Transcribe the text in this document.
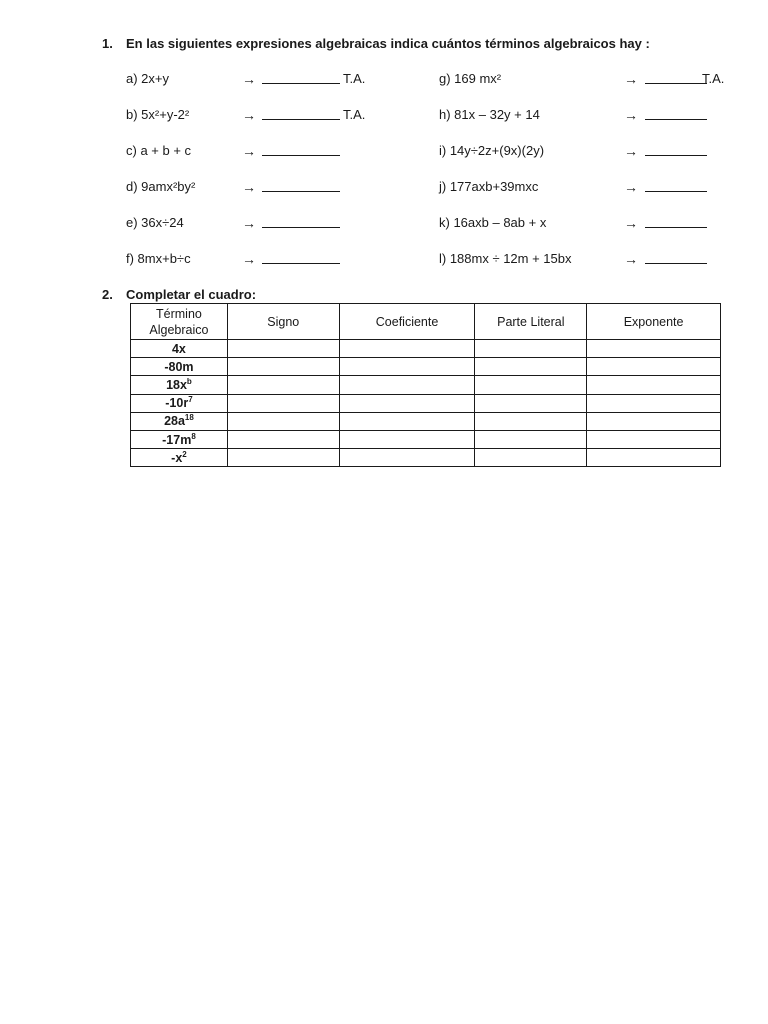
1. En las siguientes expresiones algebraicas indica cuántos términos algebraicos hay :
a) 2x+y	→	T.A.
b) 5x²+y-2²	→	T.A.
c) a + b + c	→
d) 9amx²by²	→
e) 36x÷24	→
f) 8mx+b÷c	→
g) 169 mx²	→	T.A.
h) 81x – 32y + 14	→
i) 14y÷2z+(9x)(2y)	→
j) 177axb+39mxc	→
k) 16axb – 8ab + x	→
l) 188mx ÷ 12m + 15bx	→
2. Completar el cuadro:
Término Algebraico	Signo	Coeficiente	Parte Literal	Exponente
4x				
-80m				
$18x^b$				
$-10r^7$				
$28a^{18}$				
$-17m^8$				
$-x^2$				
